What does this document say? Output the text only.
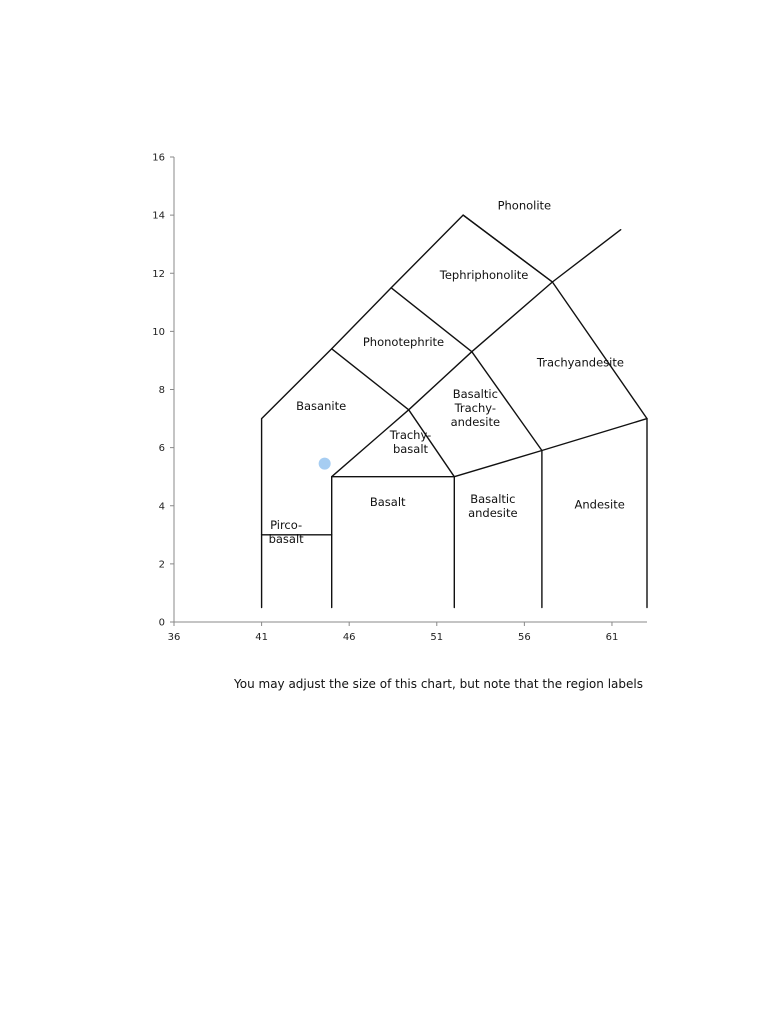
36	41	46	51	56	61
0
2
4
6
8
10
12
14
16
Phonolite
Tephriphonolite
Phonotephrite
Trachyandesite
Basanite
Basaltic Trachy-andesite
Trachy-basalt
Basalt	Basaltic andesite
Andesite
Pirco-basalt
You may adjust the size of this chart, but note that the region labels
